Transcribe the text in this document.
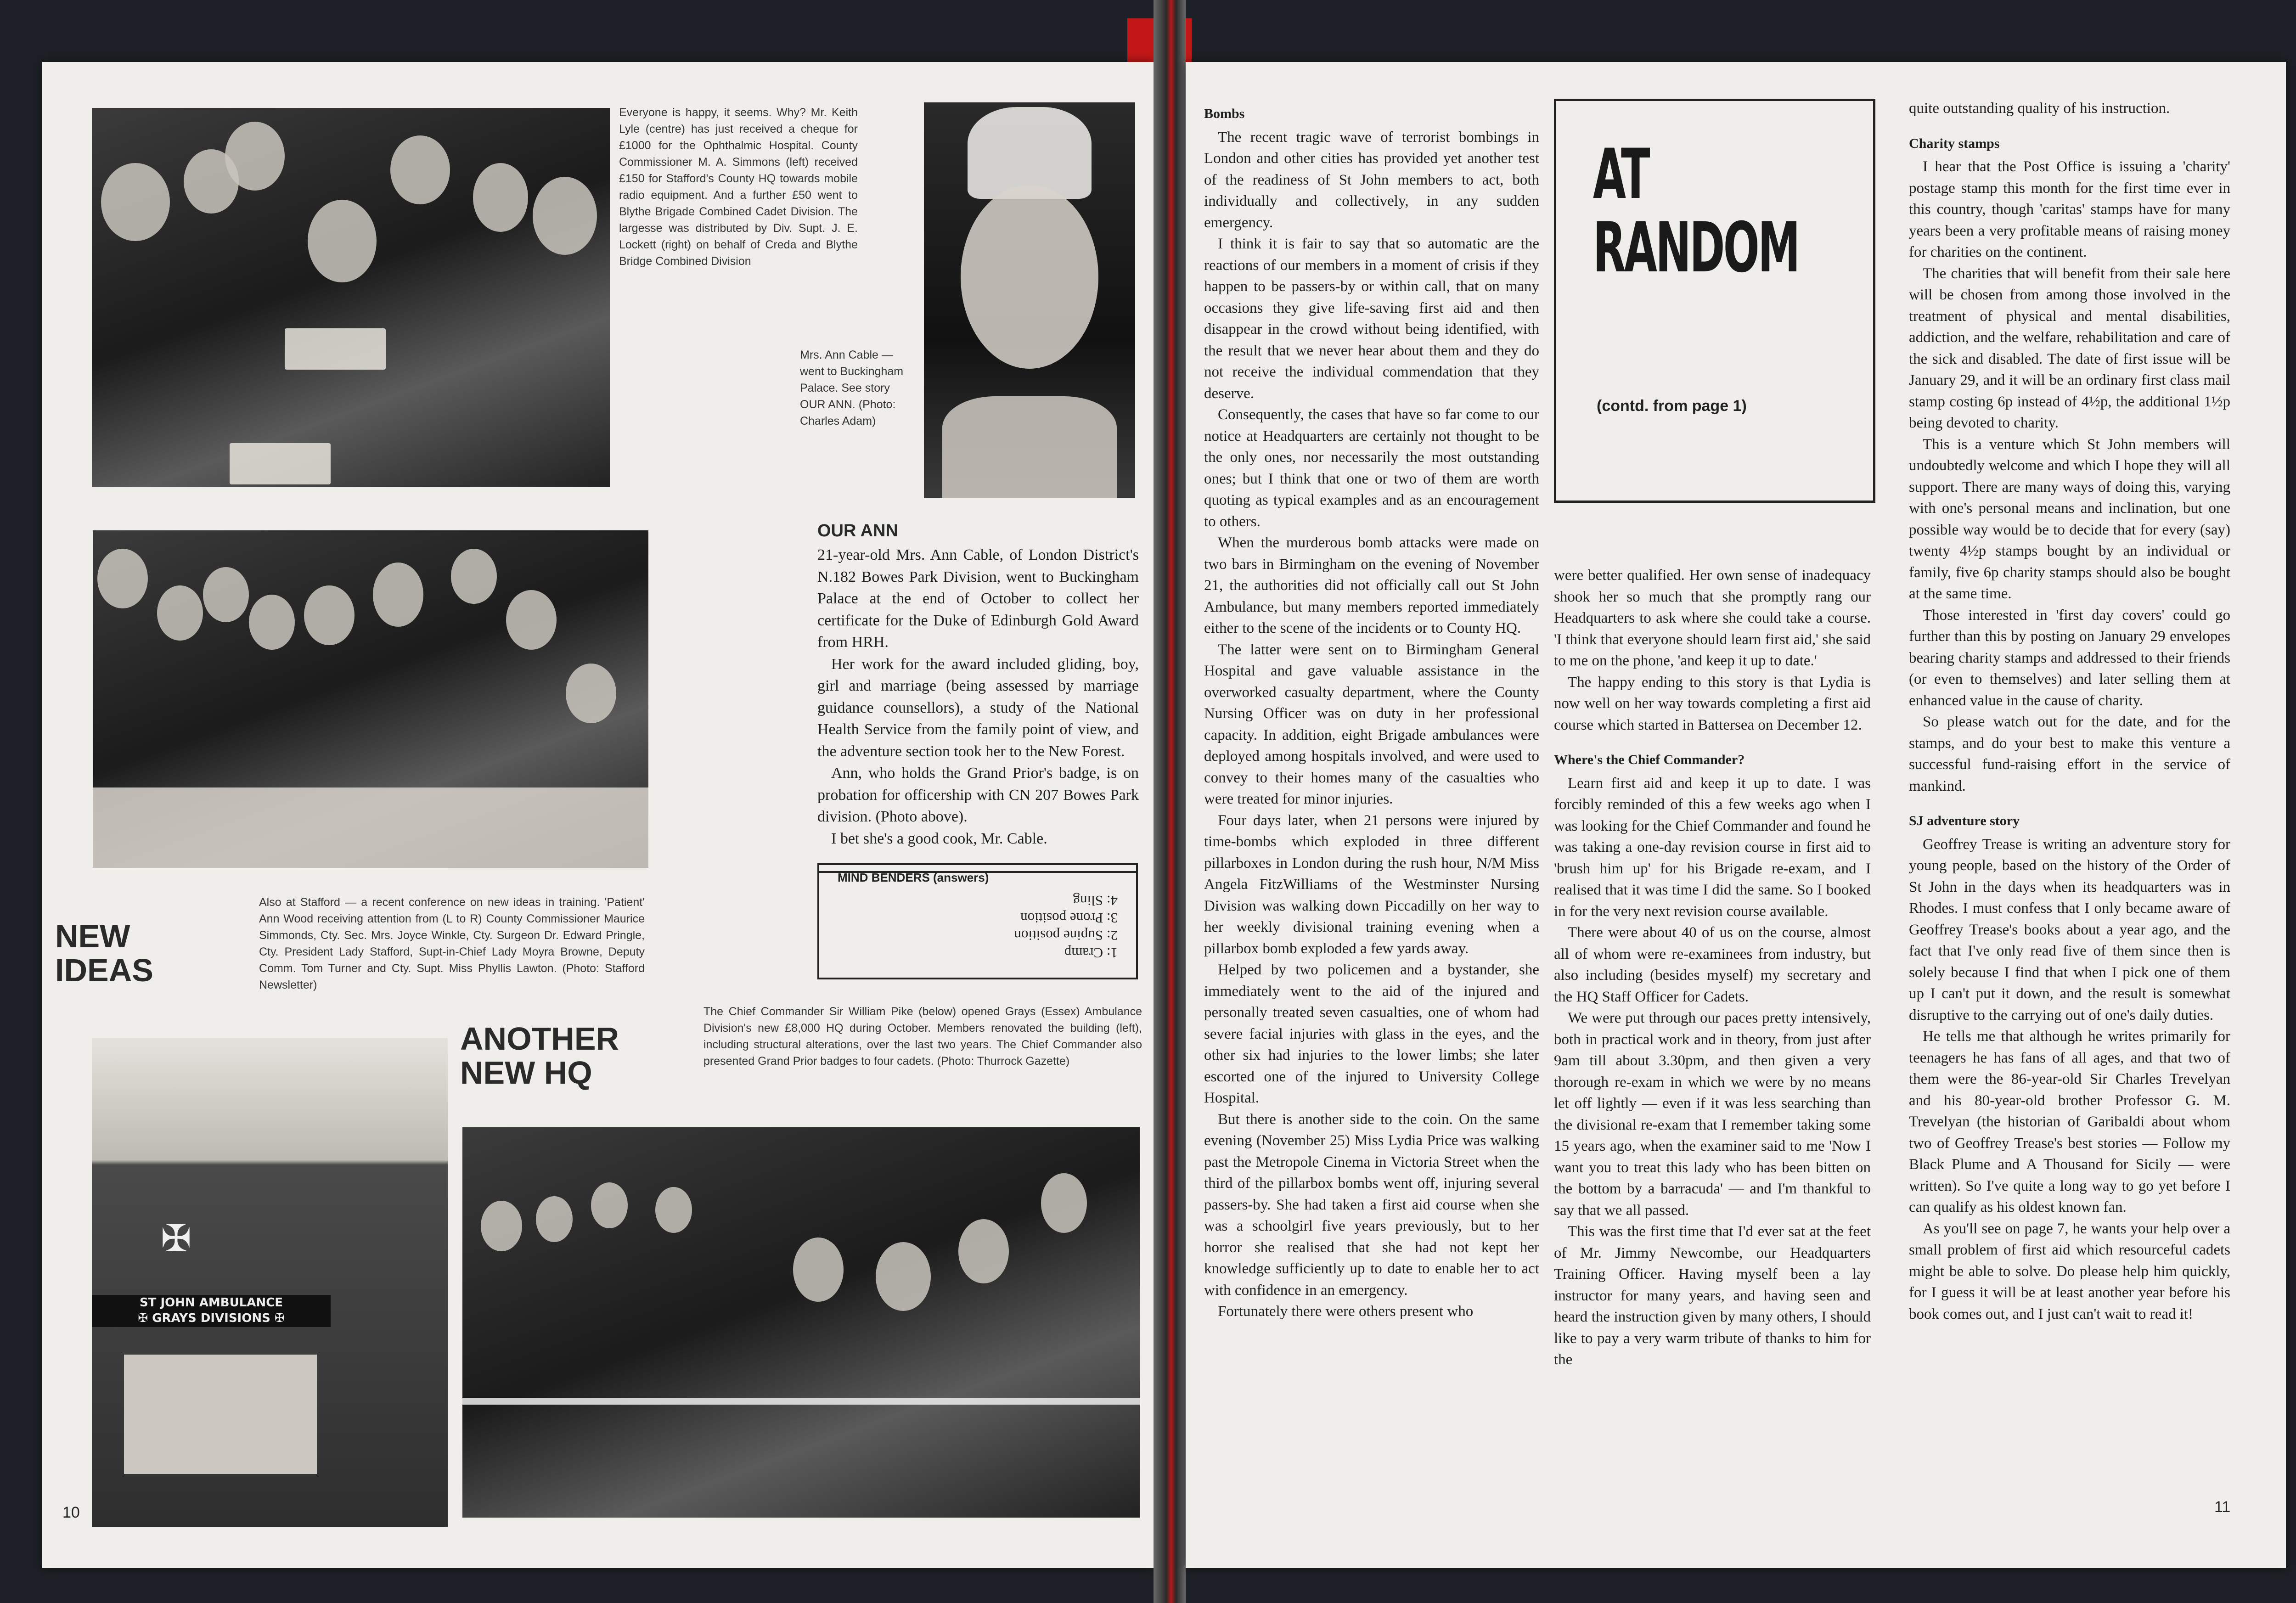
Everyone is happy, it seems. Why? Mr. Keith Lyle (centre) has just received a cheque for £1000 for the Ophthalmic Hospital. County Commissioner M. A. Simmons (left) received £150 for Stafford's County HQ towards mobile radio equipment. And a further £50 went to Blythe Brigade Combined Cadet Division. The largesse was distributed by Div. Supt. J. E. Lockett (right) on behalf of Creda and Blythe Bridge Combined Division
Mrs. Ann Cable — went to Buckingham Palace. See story OUR ANN. (Photo: Charles Adam)
NEW
IDEAS
Also at Stafford — a recent conference on new ideas in training. 'Patient' Ann Wood receiving attention from (L to R) County Commissioner Maurice Simmonds, Cty. Sec. Mrs. Joyce Winkle, Cty. Surgeon Dr. Edward Pringle, Cty. President Lady Stafford, Supt-in-Chief Lady Moyra Browne, Deputy Comm. Tom Turner and Cty. Supt. Miss Phyllis Lawton. (Photo: Stafford Newsletter)
OUR ANN

21-year-old Mrs. Ann Cable, of London District's N.182 Bowes Park Division, went to Buckingham Palace at the end of October to collect her certificate for the Duke of Edinburgh Gold Award from HRH.

Her work for the award included gliding, boy, girl and marriage (being assessed by marriage guidance counsellors), a study of the National Health Service from the family point of view, and the adventure section took her to the New Forest.

Ann, who holds the Grand Prior's badge, is on probation for officership with CN 207 Bowes Park division. (Photo above).

I bet she's a good cook, Mr. Cable.

MIND BENDERS (answers)
4: Sling
3: Prone position
2: Supine position
1: Cramp
ANOTHER
NEW HQ
The Chief Commander Sir William Pike (below) opened Grays (Essex) Ambulance Division's new £8,000 HQ during October. Members renovated the building (left), including structural alterations, over the last two years. The Chief Commander also presented Grand Prior badges to four cadets. (Photo: Thurrock Gazette)
ST JOHN AMBULANCE
✠ GRAYS DIVISIONS ✠
✠
10
Bombs

The recent tragic wave of terrorist bombings in London and other cities has provided yet another test of the readiness of St John members to act, both individually and collectively, in any sudden emergency.

I think it is fair to say that so automatic are the reactions of our members in a moment of crisis if they happen to be passers-by or within call, that on many occasions they give life-saving first aid and then disappear in the crowd without being identified, with the result that we never hear about them and they do not receive the individual commendation that they deserve.

Consequently, the cases that have so far come to our notice at Headquarters are certainly not thought to be the only ones, nor necessarily the most outstanding ones; but I think that one or two of them are worth quoting as typical examples and as an encouragement to others.

When the murderous bomb attacks were made on two bars in Birmingham on the evening of November 21, the authorities did not officially call out St John Ambulance, but many members reported immediately either to the scene of the incidents or to County HQ.

The latter were sent on to Birmingham General Hospital and gave valuable assistance in the overworked casualty department, where the County Nursing Officer was on duty in her professional capacity. In addition, eight Brigade ambulances were deployed among hospitals involved, and were used to convey to their homes many of the casualties who were treated for minor injuries.

Four days later, when 21 persons were injured by time-bombs which exploded in three different pillarboxes in London during the rush hour, N/M Miss Angela FitzWilliams of the Westminster Nursing Division was walking down Piccadilly on her way to her weekly divisional training evening when a pillarbox bomb exploded a few yards away.

Helped by two policemen and a bystander, she immediately went to the aid of the injured and personally treated seven casualties, one of whom had severe facial injuries with glass in the eyes, and the other six had injuries to the lower limbs; she later escorted one of the injured to University College Hospital.

But there is another side to the coin. On the same evening (November 25) Miss Lydia Price was walking past the Metropole Cinema in Victoria Street when the third of the pillarbox bombs went off, injuring several passers-by. She had taken a first aid course when she was a schoolgirl five years previously, but to her horror she realised that she had not kept her knowledge sufficiently up to date to enable her to act with confidence in an emergency.

Fortunately there were others present who

AT
RANDOM
(contd. from page 1)

were better qualified. Her own sense of inadequacy shook her so much that she promptly rang our Headquarters to ask where she could take a course. 'I think that everyone should learn first aid,' she said to me on the phone, 'and keep it up to date.'

The happy ending to this story is that Lydia is now well on her way towards completing a first aid course which started in Battersea on December 12.

Where's the Chief Commander?

Learn first aid and keep it up to date. I was forcibly reminded of this a few weeks ago when I was looking for the Chief Commander and found he was taking a one-day revision course in first aid to 'brush him up' for his Brigade re-exam, and I realised that it was time I did the same. So I booked in for the very next revision course available.

There were about 40 of us on the course, almost all of whom were re-examinees from industry, but also including (besides myself) my secretary and the HQ Staff Officer for Cadets.

We were put through our paces pretty intensively, both in practical work and in theory, from just after 9am till about 3.30pm, and then given a very thorough re-exam in which we were by no means let off lightly — even if it was less searching than the divisional re-exam that I remember taking some 15 years ago, when the examiner said to me 'Now I want you to treat this lady who has been bitten on the bottom by a barracuda' — and I'm thankful to say that we all passed.

This was the first time that I'd ever sat at the feet of Mr. Jimmy Newcombe, our Headquarters Training Officer. Having myself been a lay instructor for many years, and having seen and heard the instruction given by many others, I should like to pay a very warm tribute of thanks to him for the

quite outstanding quality of his instruction.

Charity stamps

I hear that the Post Office is issuing a 'charity' postage stamp this month for the first time ever in this country, though 'caritas' stamps have for many years been a very profitable means of raising money for charities on the continent.

The charities that will benefit from their sale here will be chosen from among those involved in the treatment of physical and mental disabilities, addiction, and the welfare, rehabilitation and care of the sick and disabled. The date of first issue will be January 29, and it will be an ordinary first class mail stamp costing 6p instead of 4½p, the additional 1½p being devoted to charity.

This is a venture which St John members will undoubtedly welcome and which I hope they will all support. There are many ways of doing this, varying with one's personal means and inclination, but one possible way would be to decide that for every (say) twenty 4½p stamps bought by an individual or family, five 6p charity stamps should also be bought at the same time.

Those interested in 'first day covers' could go further than this by posting on January 29 envelopes bearing charity stamps and addressed to their friends (or even to themselves) and later selling them at enhanced value in the cause of charity.

So please watch out for the date, and for the stamps, and do your best to make this venture a successful fund-raising effort in the service of mankind.

SJ adventure story

Geoffrey Trease is writing an adventure story for young people, based on the history of the Order of St John in the days when its headquarters was in Rhodes. I must confess that I only became aware of Geoffrey Trease's books about a year ago, and the fact that I've only read five of them since then is solely because I find that when I pick one of them up I can't put it down, and the result is somewhat disruptive to the carrying out of one's daily duties.

He tells me that although he writes primarily for teenagers he has fans of all ages, and that two of them were the 86-year-old Sir Charles Trevelyan and his 80-year-old brother Professor G. M. Trevelyan (the historian of Garibaldi about whom two of Geoffrey Trease's best stories — Follow my Black Plume and A Thousand for Sicily — were written). So I've quite a long way to go yet before I can qualify as his oldest known fan.

As you'll see on page 7, he wants your help over a small problem of first aid which resourceful cadets might be able to solve. Do please help him quickly, for I guess it will be at least another year before his book comes out, and I just can't wait to read it!

11
